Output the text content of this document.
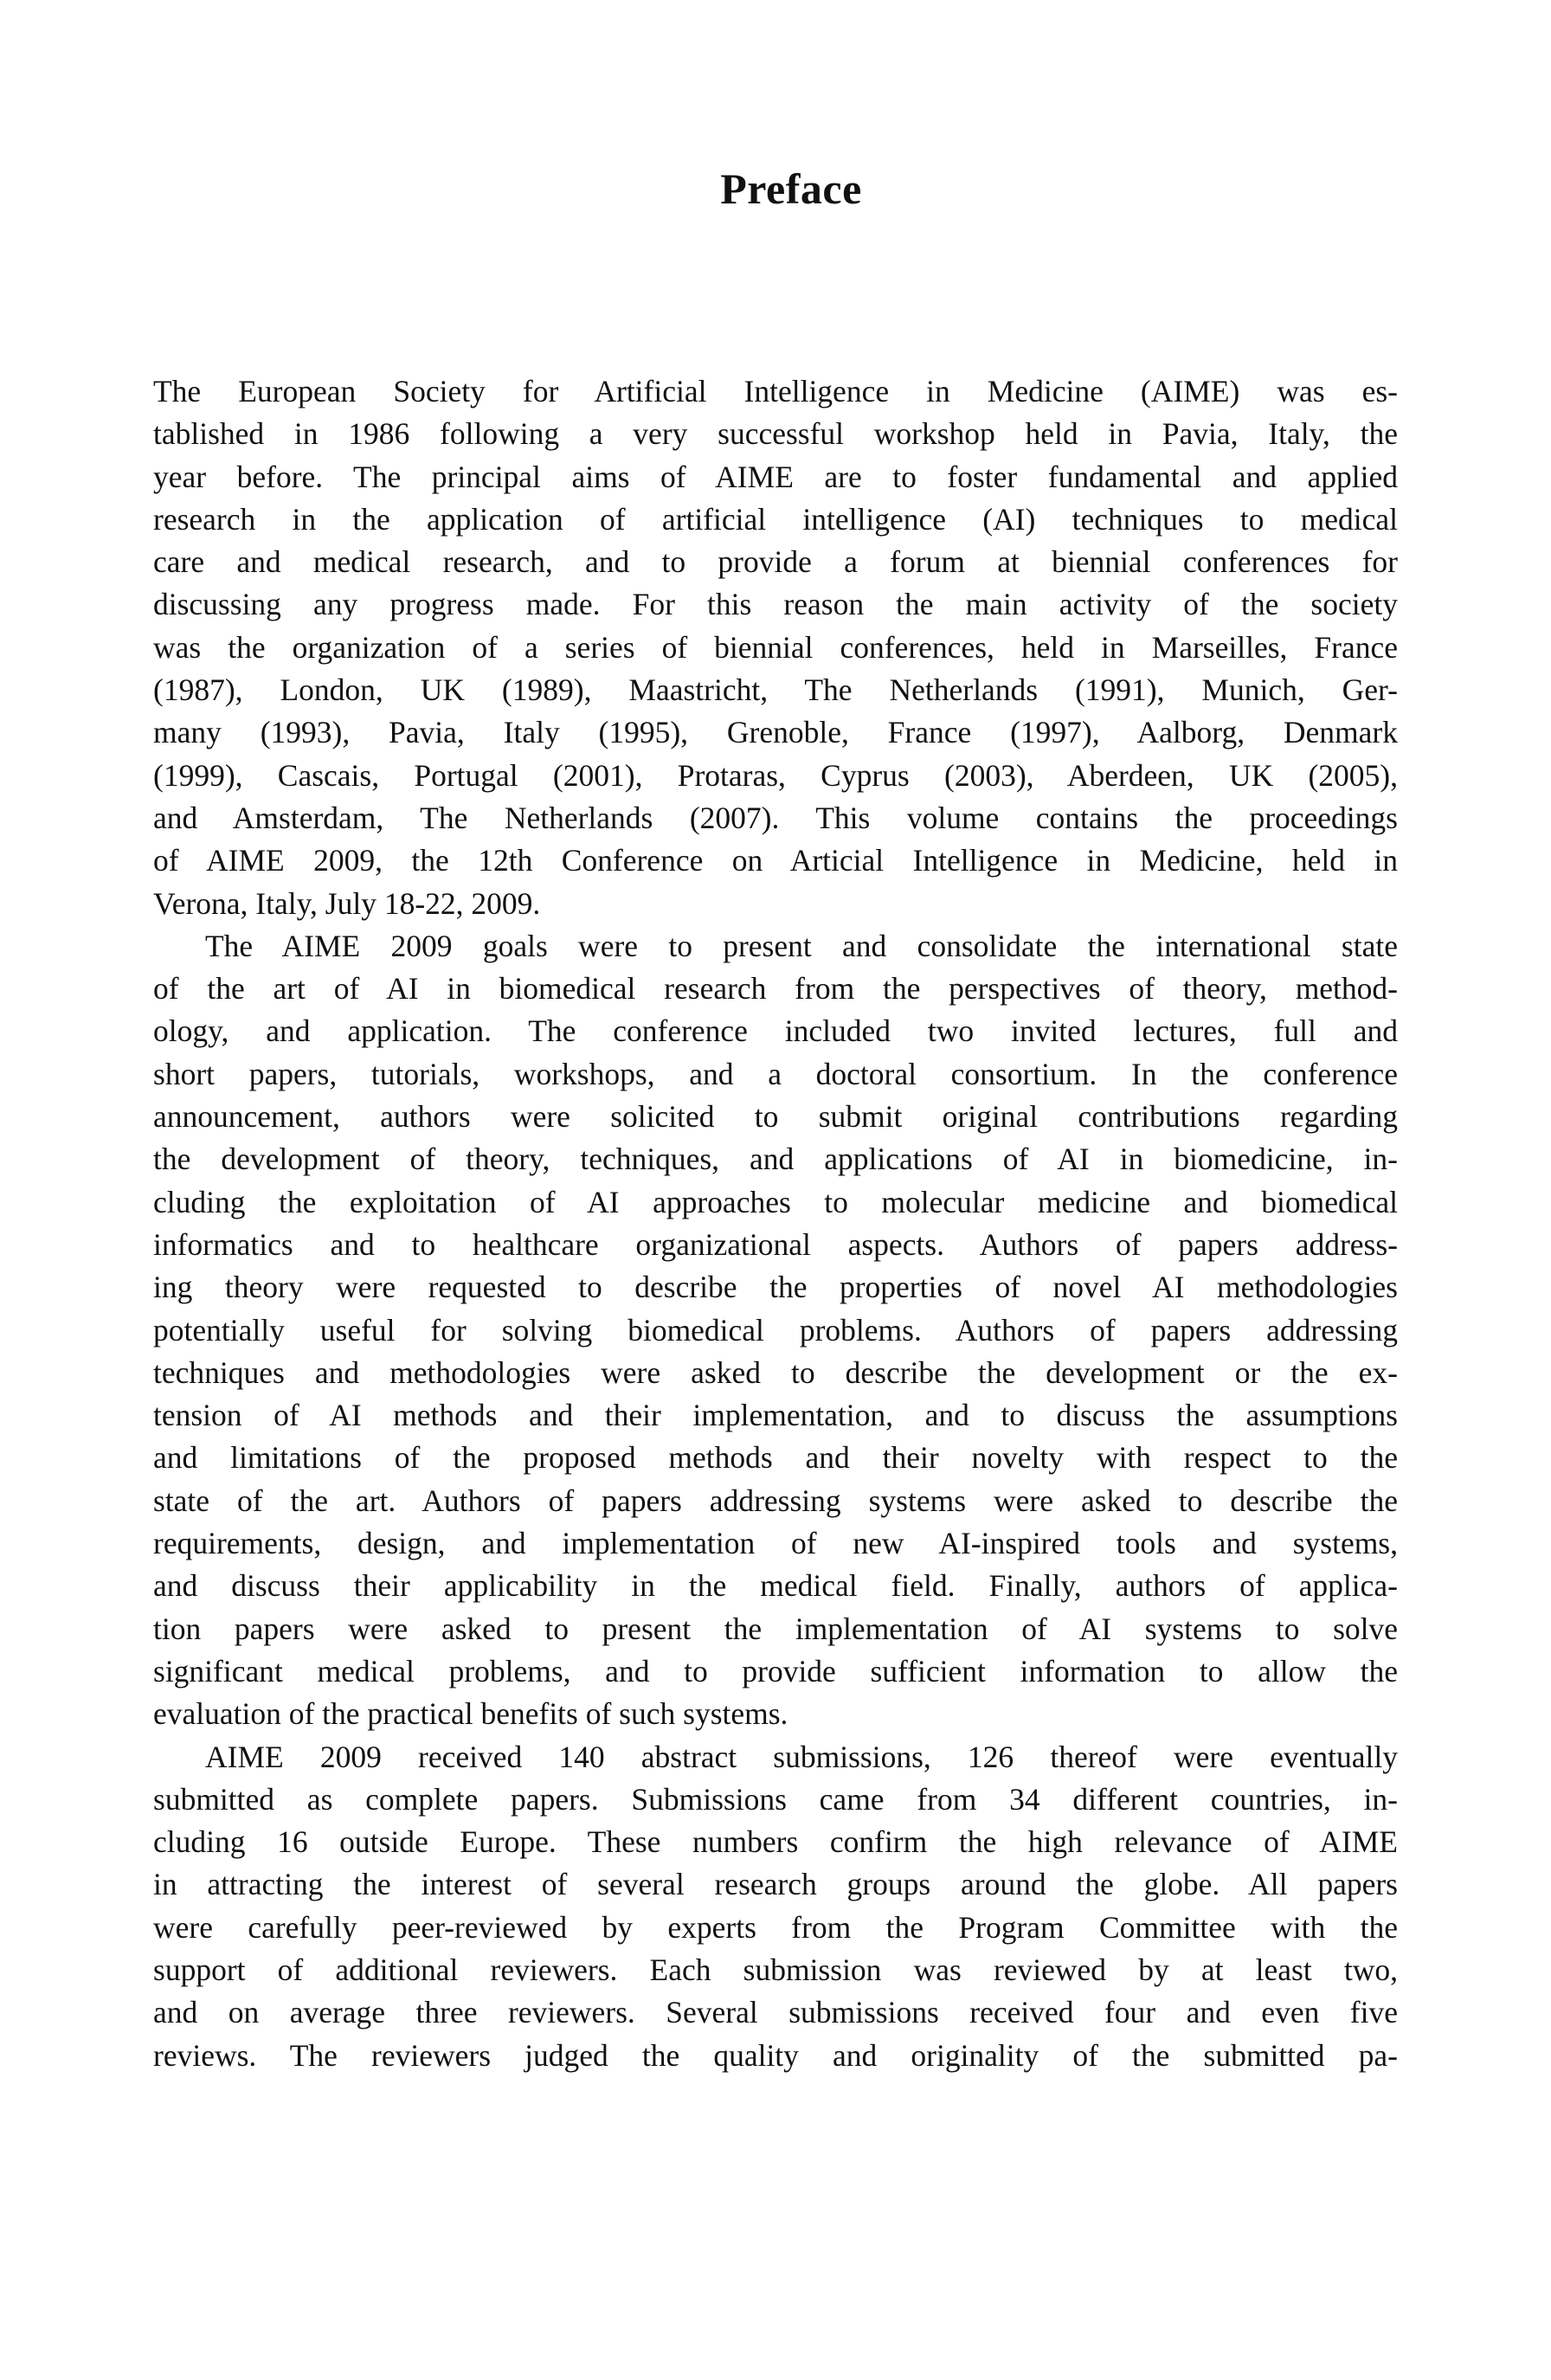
Preface
The European Society for Artificial Intelligence in Medicine (AIME) was es-
tablished in 1986 following a very successful workshop held in Pavia, Italy, the
year before. The principal aims of AIME are to foster fundamental and applied
research in the application of artificial intelligence (AI) techniques to medical
care and medical research, and to provide a forum at biennial conferences for
discussing any progress made. For this reason the main activity of the society
was the organization of a series of biennial conferences, held in Marseilles, France
(1987), London, UK (1989), Maastricht, The Netherlands (1991), Munich, Ger-
many (1993), Pavia, Italy (1995), Grenoble, France (1997), Aalborg, Denmark
(1999), Cascais, Portugal (2001), Protaras, Cyprus (2003), Aberdeen, UK (2005),
and Amsterdam, The Netherlands (2007). This volume contains the proceedings
of AIME 2009, the 12th Conference on Articial Intelligence in Medicine, held in
Verona, Italy, July 18-22, 2009.
The AIME 2009 goals were to present and consolidate the international state
of the art of AI in biomedical research from the perspectives of theory, method-
ology, and application. The conference included two invited lectures, full and
short papers, tutorials, workshops, and a doctoral consortium. In the conference
announcement, authors were solicited to submit original contributions regarding
the development of theory, techniques, and applications of AI in biomedicine, in-
cluding the exploitation of AI approaches to molecular medicine and biomedical
informatics and to healthcare organizational aspects. Authors of papers address-
ing theory were requested to describe the properties of novel AI methodologies
potentially useful for solving biomedical problems. Authors of papers addressing
techniques and methodologies were asked to describe the development or the ex-
tension of AI methods and their implementation, and to discuss the assumptions
and limitations of the proposed methods and their novelty with respect to the
state of the art. Authors of papers addressing systems were asked to describe the
requirements, design, and implementation of new AI-inspired tools and systems,
and discuss their applicability in the medical field. Finally, authors of applica-
tion papers were asked to present the implementation of AI systems to solve
significant medical problems, and to provide sufficient information to allow the
evaluation of the practical benefits of such systems.
AIME 2009 received 140 abstract submissions, 126 thereof were eventually
submitted as complete papers. Submissions came from 34 different countries, in-
cluding 16 outside Europe. These numbers confirm the high relevance of AIME
in attracting the interest of several research groups around the globe. All papers
were carefully peer-reviewed by experts from the Program Committee with the
support of additional reviewers. Each submission was reviewed by at least two,
and on average three reviewers. Several submissions received four and even five
reviews. The reviewers judged the quality and originality of the submitted pa-
